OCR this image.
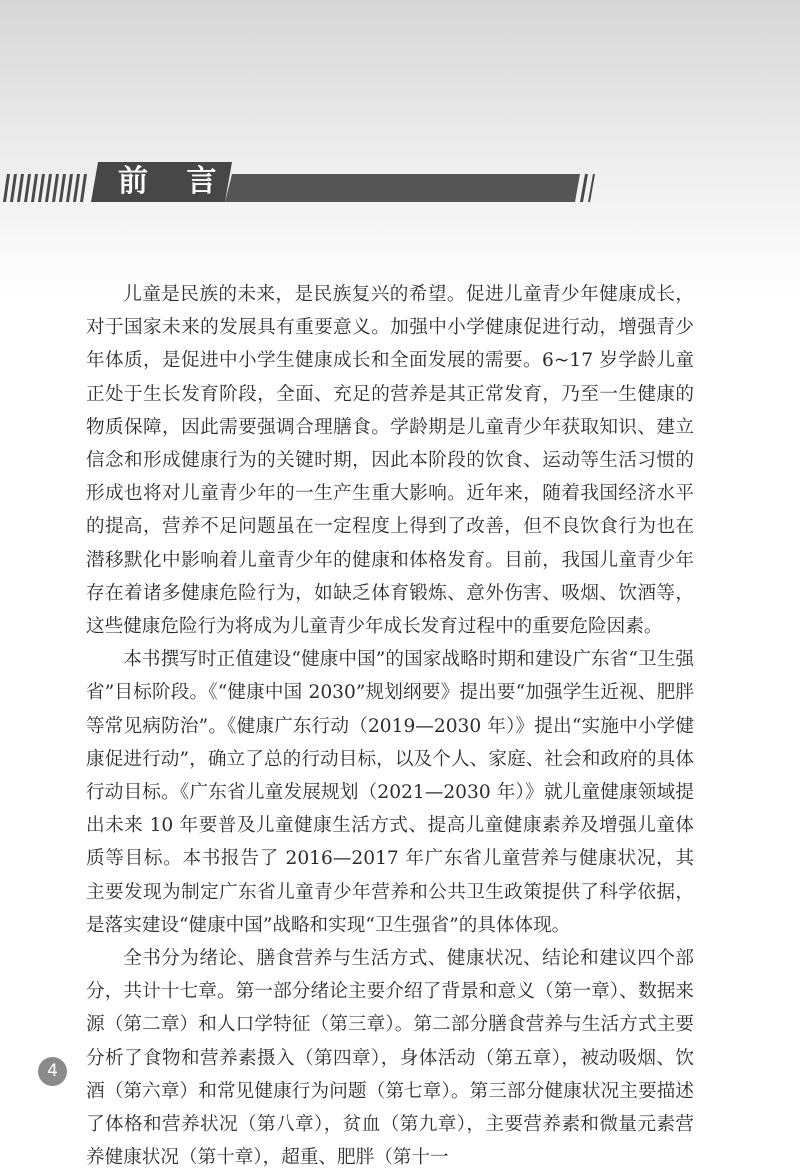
前 言

儿童是民族的未来，是民族复兴的希望。促进儿童青少年健康成长，对于国家未来的发展具有重要意义。加强中小学健康促进行动，增强青少年体质，是促进中小学生健康成长和全面发展的需要。6~17 岁学龄儿童正处于生长发育阶段，全面、充足的营养是其正常发育，乃至一生健康的物质保障，因此需要强调合理膳食。学龄期是儿童青少年获取知识、建立信念和形成健康行为的关键时期，因此本阶段的饮食、运动等生活习惯的形成也将对儿童青少年的一生产生重大影响。近年来，随着我国经济水平的提高，营养不足问题虽在一定程度上得到了改善，但不良饮食行为也在潜移默化中影响着儿童青少年的健康和体格发育。目前，我国儿童青少年存在着诸多健康危险行为，如缺乏体育锻炼、意外伤害、吸烟、饮酒等，这些健康危险行为将成为儿童青少年成长发育过程中的重要危险因素。

本书撰写时正值建设“健康中国”的国家战略时期和建设广东省“卫生强省”目标阶段。《“健康中国 2030”规划纲要》提出要“加强学生近视、肥胖等常见病防治”。《健康广东行动（2019—2030 年）》提出“实施中小学健康促进行动”，确立了总的行动目标，以及个人、家庭、社会和政府的具体行动目标。《广东省儿童发展规划（2021—2030 年）》就儿童健康领域提出未来 10 年要普及儿童健康生活方式、提高儿童健康素养及增强儿童体质等目标。本书报告了 2016—2017 年广东省儿童营养与健康状况，其主要发现为制定广东省儿童青少年营养和公共卫生政策提供了科学依据，是落实建设“健康中国”战略和实现“卫生强省”的具体体现。

全书分为绪论、膳食营养与生活方式、健康状况、结论和建议四个部分，共计十七章。第一部分绪论主要介绍了背景和意义（第一章）、数据来源（第二章）和人口学特征（第三章）。第二部分膳食营养与生活方式主要分析了食物和营养素摄入（第四章），身体活动（第五章），被动吸烟、饮酒（第六章）和常见健康行为问题（第七章）。第三部分健康状况主要描述了体格和营养状况（第八章），贫血（第九章），主要营养素和微量元素营养健康状况（第十章），超重、肥胖（第十一

4
